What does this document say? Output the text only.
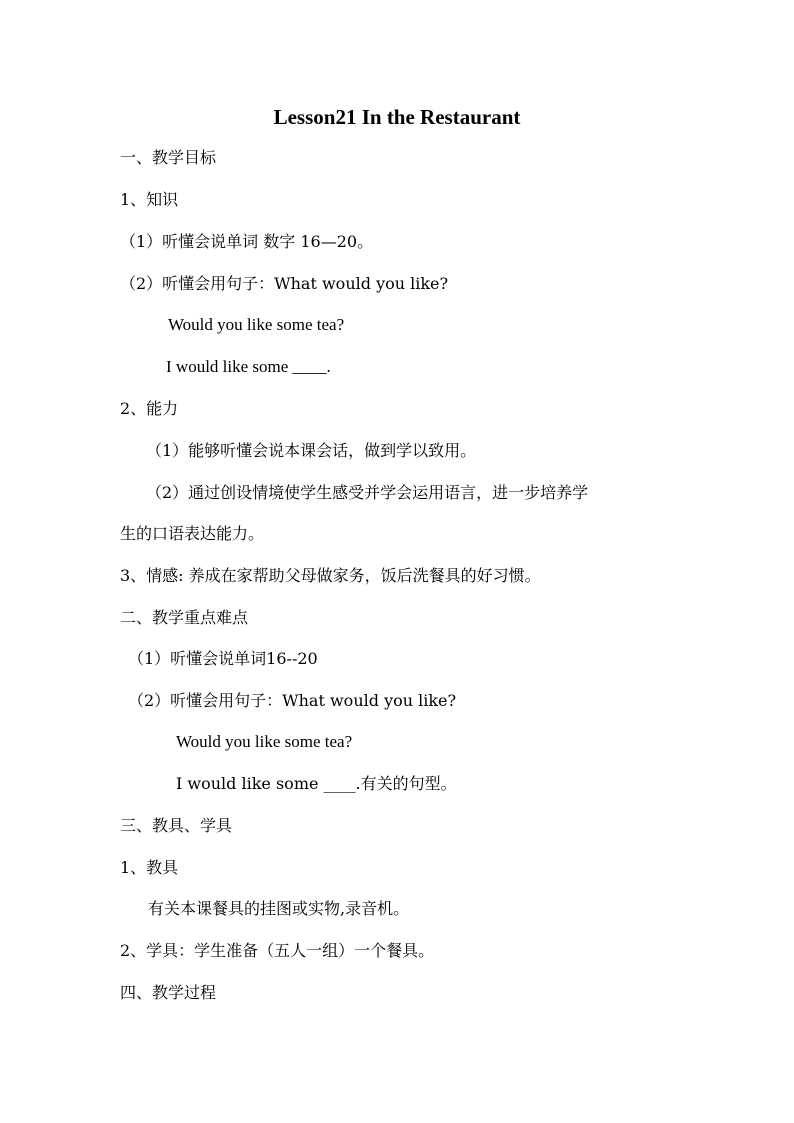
Lesson21 In the Restaurant
一、教学目标
1、知识
（1）听懂会说单词 数字 16—20。
（2）听懂会用句子：What would you like?
Would you like some tea?
I would like some ____.
2、能力
（1）能够听懂会说本课会话，做到学以致用。
（2）通过创设情境使学生感受并学会运用语言，进一步培养学
生的口语表达能力。
3、情感: 养成在家帮助父母做家务，饭后洗餐具的好习惯。
二、教学重点难点
（1）听懂会说单词16--20
（2）听懂会用句子：What would you like?
Would you like some tea?
I would like some ____.有关的句型。
三、教具、学具
1、教具
有关本课餐具的挂图或实物,录音机。
2、学具：学生准备（五人一组）一个餐具。
四、教学过程
